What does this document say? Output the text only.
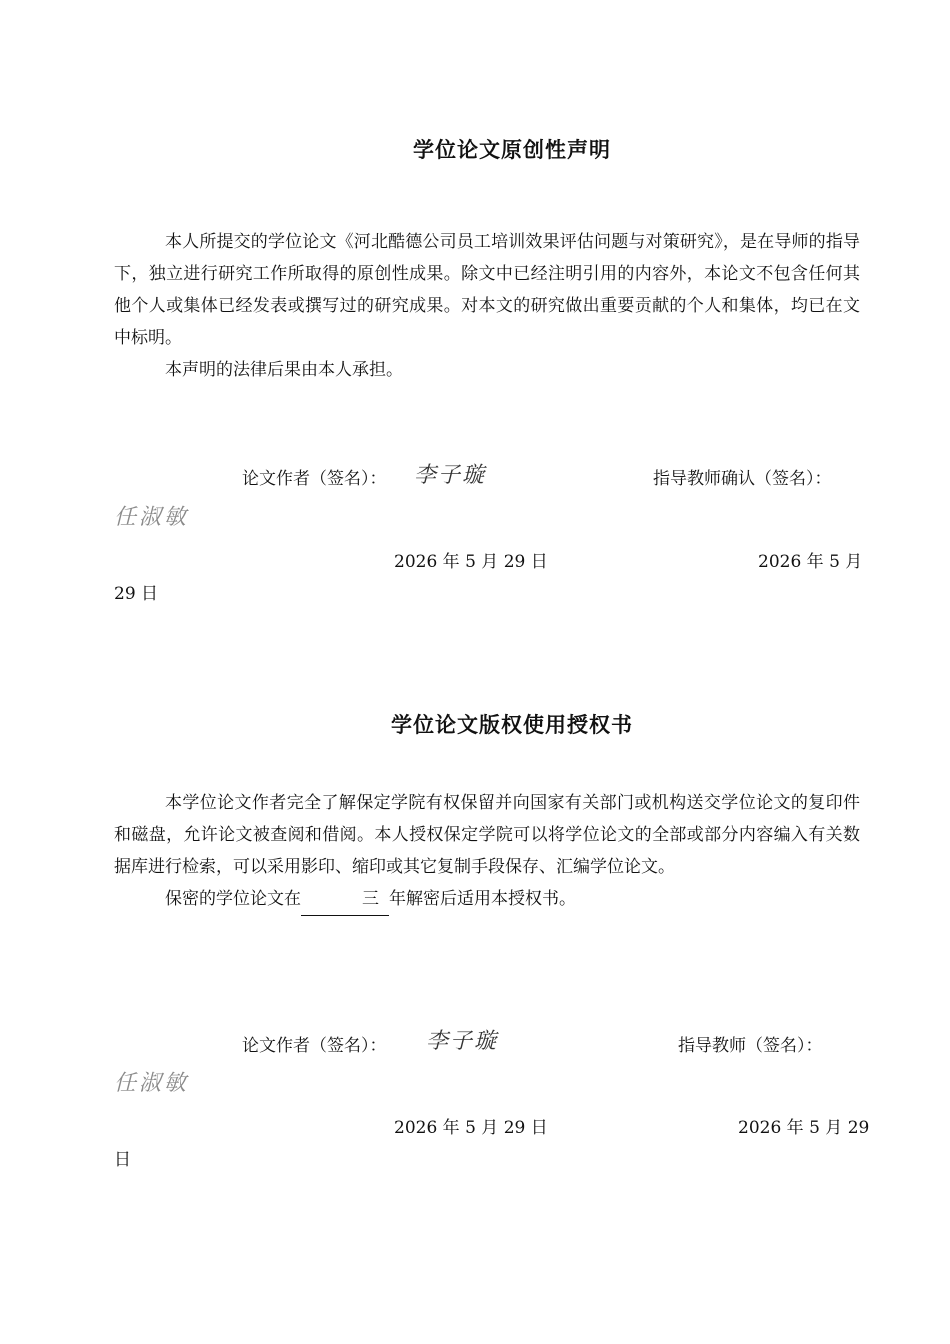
学位论文原创性声明

本人所提交的学位论文《河北酷德公司员工培训效果评估问题与对策研究》，是在导师的指导下，独立进行研究工作所取得的原创性成果。除文中已经注明引用的内容外，本论文不包含任何其他个人或集体已经发表或撰写过的研究成果。对本文的研究做出重要贡献的个人和集体，均已在文中标明。

本声明的法律后果由本人承担。

论文作者（签名）： 李子璇	指导教师确认（签名）：
任淑敏
2026 年 5 月 29 日	2026 年 5 月
29 日
学位论文版权使用授权书

本学位论文作者完全了解保定学院有权保留并向国家有关部门或机构送交学位论文的复印件和磁盘，允许论文被查阅和借阅。本人授权保定学院可以将学位论文的全部或部分内容编入有关数据库进行检索，可以采用影印、缩印或其它复制手段保存、汇编学位论文。

保密的学位论文在	三 年解密后适用本授权书。

论文作者（签名）： 李子璇	指导教师（签名）：
任淑敏
2026 年 5 月 29 日	2026 年 5 月 29
日
